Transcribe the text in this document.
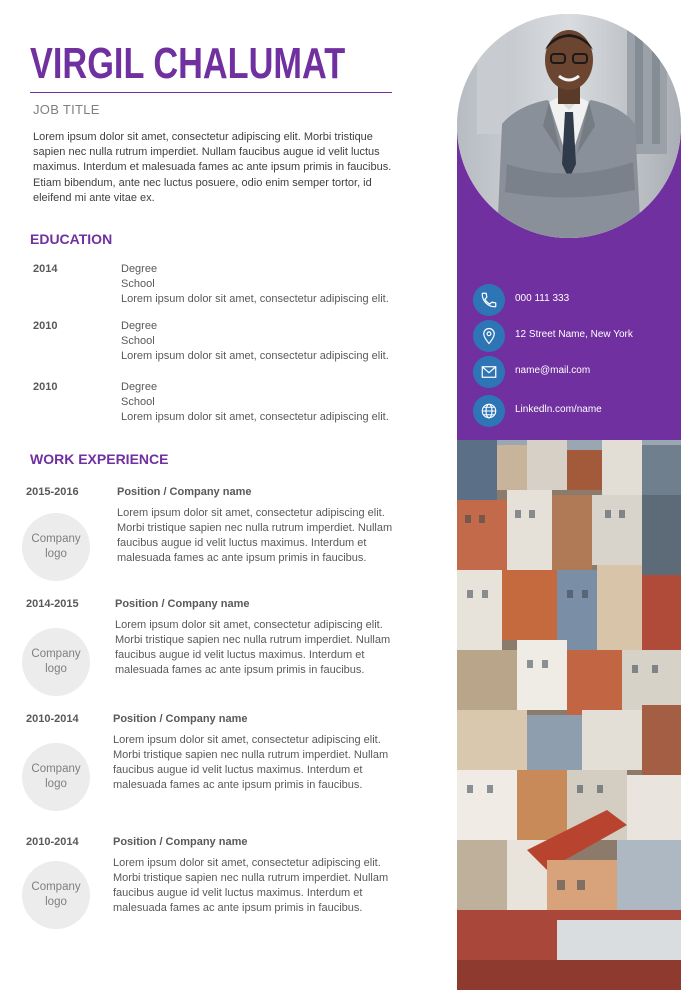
VIRGIL CHALUMAT
JOB TITLE
Lorem ipsum dolor sit amet, consectetur adipiscing elit. Morbi tristique sapien nec nulla rutrum imperdiet. Nullam faucibus augue id velit luctus maximus. Interdum et malesuada fames ac ante ipsum primis in faucibus. Etiam bibendum, ante nec luctus posuere, odio enim semper tortor, id eleifend mi ante vitae ex.
EDUCATION
2014	Degree
School
Lorem ipsum dolor sit amet, consectetur adipiscing elit.
2010	Degree
School
Lorem ipsum dolor sit amet, consectetur adipiscing elit.
2010	Degree
School
Lorem ipsum dolor sit amet, consectetur adipiscing elit.
WORK EXPERIENCE
2015-2016	Position / Company name
Company logo
Lorem ipsum dolor sit amet, consectetur adipiscing elit. Morbi tristique sapien nec nulla rutrum imperdiet. Nullam faucibus augue id velit luctus maximus. Interdum et malesuada fames ac ante ipsum primis in faucibus.
2014-2015	Position / Company name
Company logo
Lorem ipsum dolor sit amet, consectetur adipiscing elit. Morbi tristique sapien nec nulla rutrum imperdiet. Nullam faucibus augue id velit luctus maximus. Interdum et malesuada fames ac ante ipsum primis in faucibus.
2010-2014	Position / Company name
Company logo
Lorem ipsum dolor sit amet, consectetur adipiscing elit. Morbi tristique sapien nec nulla rutrum imperdiet. Nullam faucibus augue id velit luctus maximus. Interdum et malesuada fames ac ante ipsum primis in faucibus.
2010-2014	Position / Company name
Company logo
Lorem ipsum dolor sit amet, consectetur adipiscing elit. Morbi tristique sapien nec nulla rutrum imperdiet. Nullam faucibus augue id velit luctus maximus. Interdum et malesuada fames ac ante ipsum primis in faucibus.
000 111 333
12 Street Name, New York
name@mail.com
Linkedln.com/name
